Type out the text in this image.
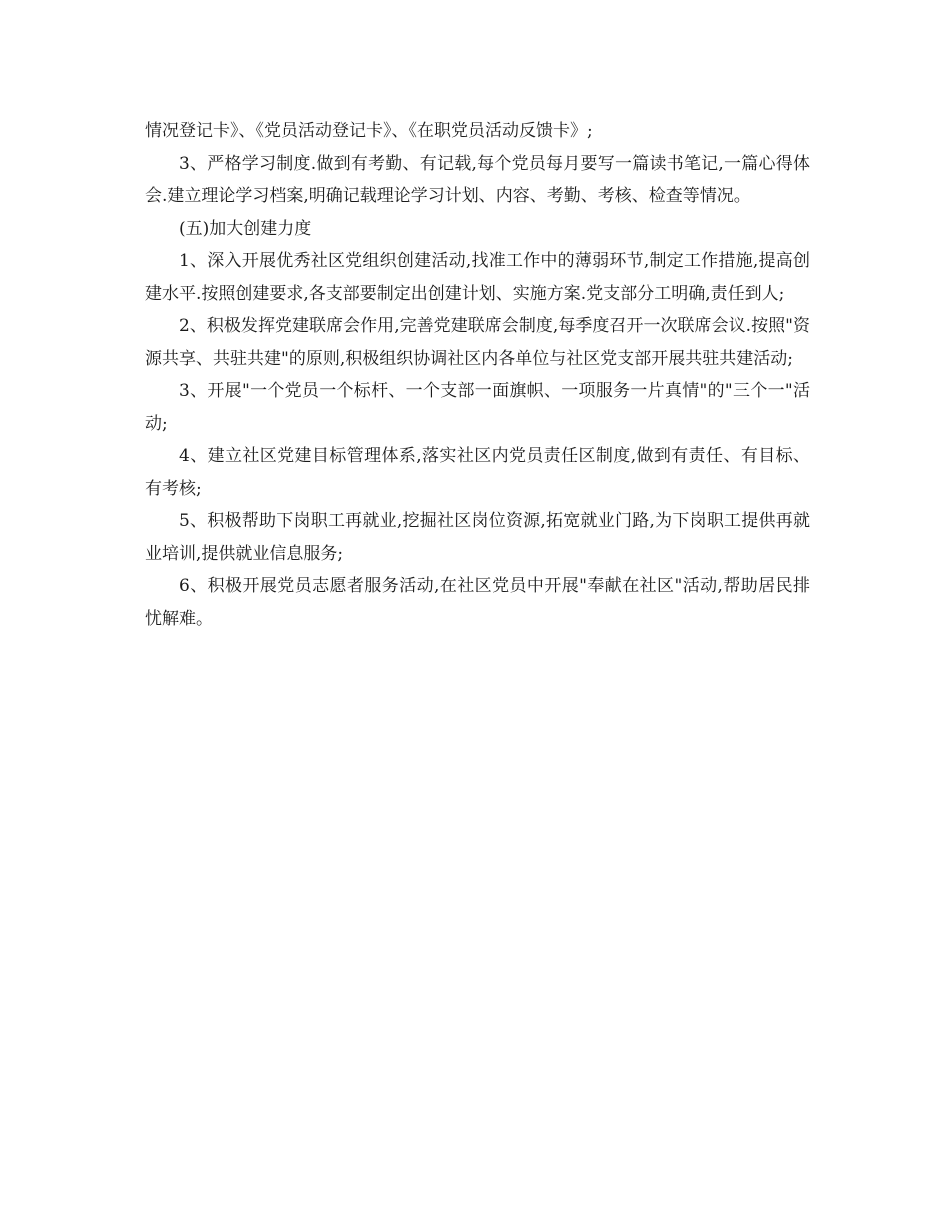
情况登记卡》、《党员活动登记卡》、《在职党员活动反馈卡》;

3、严格学习制度.做到有考勤、有记载,每个党员每月要写一篇读书笔记,一篇心得体会.建立理论学习档案,明确记载理论学习计划、内容、考勤、考核、检查等情况。

(五)加大创建力度

1、深入开展优秀社区党组织创建活动,找准工作中的薄弱环节,制定工作措施,提高创建水平.按照创建要求,各支部要制定出创建计划、实施方案.党支部分工明确,责任到人;

2、积极发挥党建联席会作用,完善党建联席会制度,每季度召开一次联席会议.按照"资源共享、共驻共建"的原则,积极组织协调社区内各单位与社区党支部开展共驻共建活动;

3、开展"一个党员一个标杆、一个支部一面旗帜、一项服务一片真情"的"三个一"活动;

4、建立社区党建目标管理体系,落实社区内党员责任区制度,做到有责任、有目标、有考核;

5、积极帮助下岗职工再就业,挖掘社区岗位资源,拓宽就业门路,为下岗职工提供再就业培训,提供就业信息服务;

6、积极开展党员志愿者服务活动,在社区党员中开展"奉献在社区"活动,帮助居民排忧解难。
